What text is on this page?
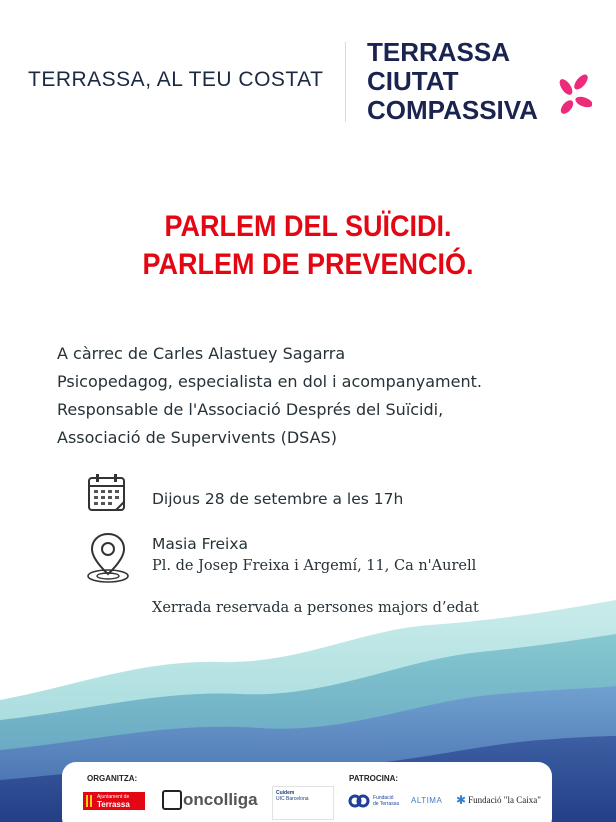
TERRASSA, AL TEU COSTAT
TERRASSA
CIUTAT
COMPASSIVA
PARLEM DEL SUÏCIDI.
PARLEM DE PREVENCIÓ.
A càrrec de Carles Alastuey Sagarra
Psicopedagog, especialista en dol i acompanyament.
Responsable de l'Associació Després del Suïcidi,
Associació de Supervivents (DSAS)
Dijous 28 de setembre a les 17h
Masia Freixa
Pl. de Josep Freixa i Argemí, 11, Ca n'Aurell
Xerrada reservada a persones majors d’edat
ORGANITZA:	PATROCINA:
Ajuntament de
Terrassa	oncolliga	Cuidem
UIC Barcelona	Fundació
de Terrassa ALTIMA ✱ Fundació "la Caixa"
